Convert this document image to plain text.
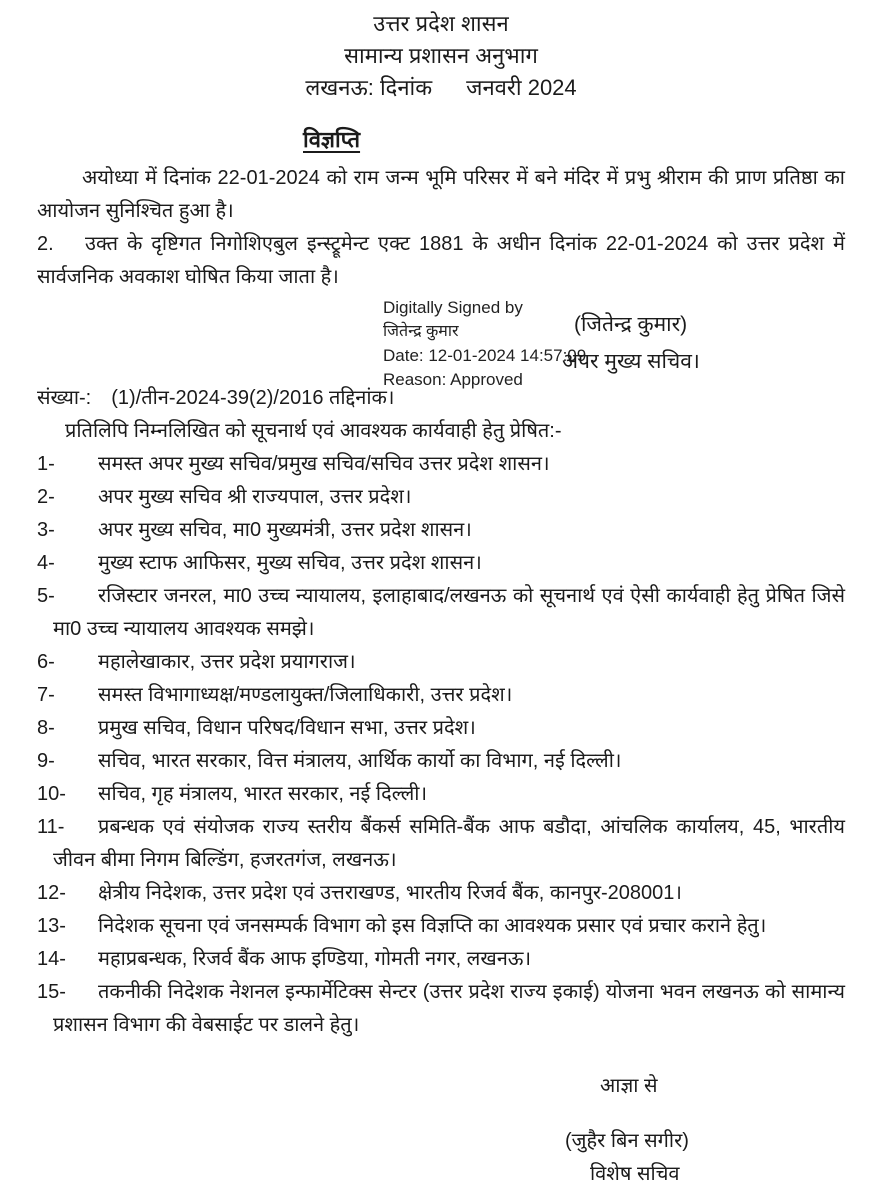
उत्तर प्रदेश शासन
सामान्य प्रशासन अनुभाग
लखनऊ: दिनांक जनवरी 2024
विज्ञप्ति
अयोध्या में दिनांक 22-01-2024 को राम जन्म भूमि परिसर में बने मंदिर में प्रभु श्रीराम की प्राण प्रतिष्ठा का आयोजन सुनिश्चित हुआ है।
2. उक्त के दृष्टिगत निगोशिएबुल इन्स्ट्रूमेन्ट एक्ट 1881 के अधीन दिनांक 22-01-2024 को उत्तर प्रदेश में सार्वजनिक अवकाश घोषित किया जाता है।
Digitally Signed by
जितेन्द्र कुमार
Date: 12-01-2024 14:57:09
Reason: Approved
(जितेन्द्र कुमार)
अपर मुख्य सचिव।
संख्या-: (1)/तीन-2024-39(2)/2016 तद्दिनांक।
प्रतिलिपि निम्नलिखित को सूचनार्थ एवं आवश्यक कार्यवाही हेतु प्रेषित:-
1- समस्त अपर मुख्य सचिव/प्रमुख सचिव/सचिव उत्तर प्रदेश शासन।
2- अपर मुख्य सचिव श्री राज्यपाल, उत्तर प्रदेश।
3- अपर मुख्य सचिव, मा0 मुख्यमंत्री, उत्तर प्रदेश शासन।
4- मुख्य स्टाफ आफिसर, मुख्य सचिव, उत्तर प्रदेश शासन।
5- रजिस्टार जनरल, मा0 उच्च न्यायालय, इलाहाबाद/लखनऊ को सूचनार्थ एवं ऐसी कार्यवाही हेतु प्रेषित जिसे मा0 उच्च न्यायालय आवश्यक समझे।
6- महालेखाकार, उत्तर प्रदेश प्रयागराज।
7- समस्त विभागाध्यक्ष/मण्डलायुक्त/जिलाधिकारी, उत्तर प्रदेश।
8- प्रमुख सचिव, विधान परिषद/विधान सभा, उत्तर प्रदेश।
9- सचिव, भारत सरकार, वित्त मंत्रालय, आर्थिक कार्यो का विभाग, नई दिल्ली।
10- सचिव, गृह मंत्रालय, भारत सरकार, नई दिल्ली।
11- प्रबन्धक एवं संयोजक राज्य स्तरीय बैंकर्स समिति-बैंक आफ बडौदा, आंचलिक कार्यालय, 45, भारतीय जीवन बीमा निगम बिल्डिंग, हजरतगंज, लखनऊ।
12- क्षेत्रीय निदेशक, उत्तर प्रदेश एवं उत्तराखण्ड, भारतीय रिजर्व बैंक, कानपुर-208001।
13- निदेशक सूचना एवं जनसम्पर्क विभाग को इस विज्ञप्ति का आवश्यक प्रसार एवं प्रचार कराने हेतु।
14- महाप्रबन्धक, रिजर्व बैंक आफ इण्डिया, गोमती नगर, लखनऊ।
15- तकनीकी निदेशक नेशनल इन्फार्मेटिक्स सेन्टर (उत्तर प्रदेश राज्य इकाई) योजना भवन लखनऊ को सामान्य प्रशासन विभाग की वेबसाईट पर डालने हेतु।
आज्ञा से
(जुहैर बिन सगीर)
विशेष सचिव
